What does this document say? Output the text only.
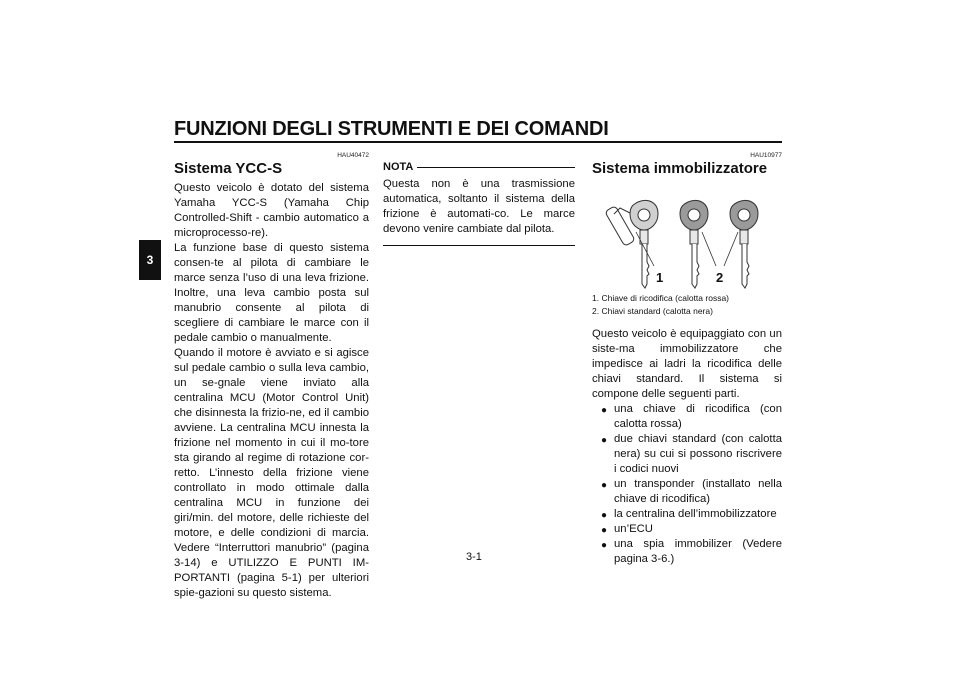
FUNZIONI DEGLI STRUMENTI E DEI COMANDI
3
HAU40472
Sistema YCC-S

Questo veicolo è dotato del sistema Yamaha YCC-S (Yamaha Chip Controlled-Shift - cambio automatico a microprocesso-re).

La funzione base di questo sistema consen-te al pilota di cambiare le marce senza l’uso di una leva frizione. Inoltre, una leva cambio posta sul manubrio consente al pilota di scegliere di cambiare le marce con il pedale cambio o manualmente.

Quando il motore è avviato e si agisce sul pedale cambio o sulla leva cambio, un se-gnale viene inviato alla centralina MCU (Motor Control Unit) che disinnesta la frizio-ne, ed il cambio avviene. La centralina MCU innesta la frizione nel momento in cui il mo-tore sta girando al regime di rotazione cor-retto. L’innesto della frizione viene controllato in modo ottimale dalla centralina MCU in funzione dei giri/min. del motore, delle richieste del motore, e delle condizioni di marcia. Vedere “Interruttori manubrio” (pagina 3-14) e UTILIZZO E PUNTI IM-PORTANTI (pagina 5-1) per ulteriori spie-gazioni su questo sistema.

NOTA

Questa non è una trasmissione automatica, soltanto il sistema della frizione è automati-co. Le marce devono venire cambiate dal pilota.

HAU10977
Sistema immobilizzatore
1	2
1. Chiave di ricodifica (calotta rossa)
2. Chiavi standard (calotta nera)

Questo veicolo è equipaggiato con un siste-ma immobilizzatore che impedisce ai ladri la ricodifica delle chiavi standard. Il sistema si compone delle seguenti parti.

● una chiave di ricodifica (con calotta rossa)
● due chiavi standard (con calotta nera) su cui si possono riscrivere i codici nuovi
● un transponder (installato nella chiave di ricodifica)
● la centralina dell’immobilizzatore
● un’ECU
● una spia immobilizer (Vedere pagina 3-6.)
3-1
